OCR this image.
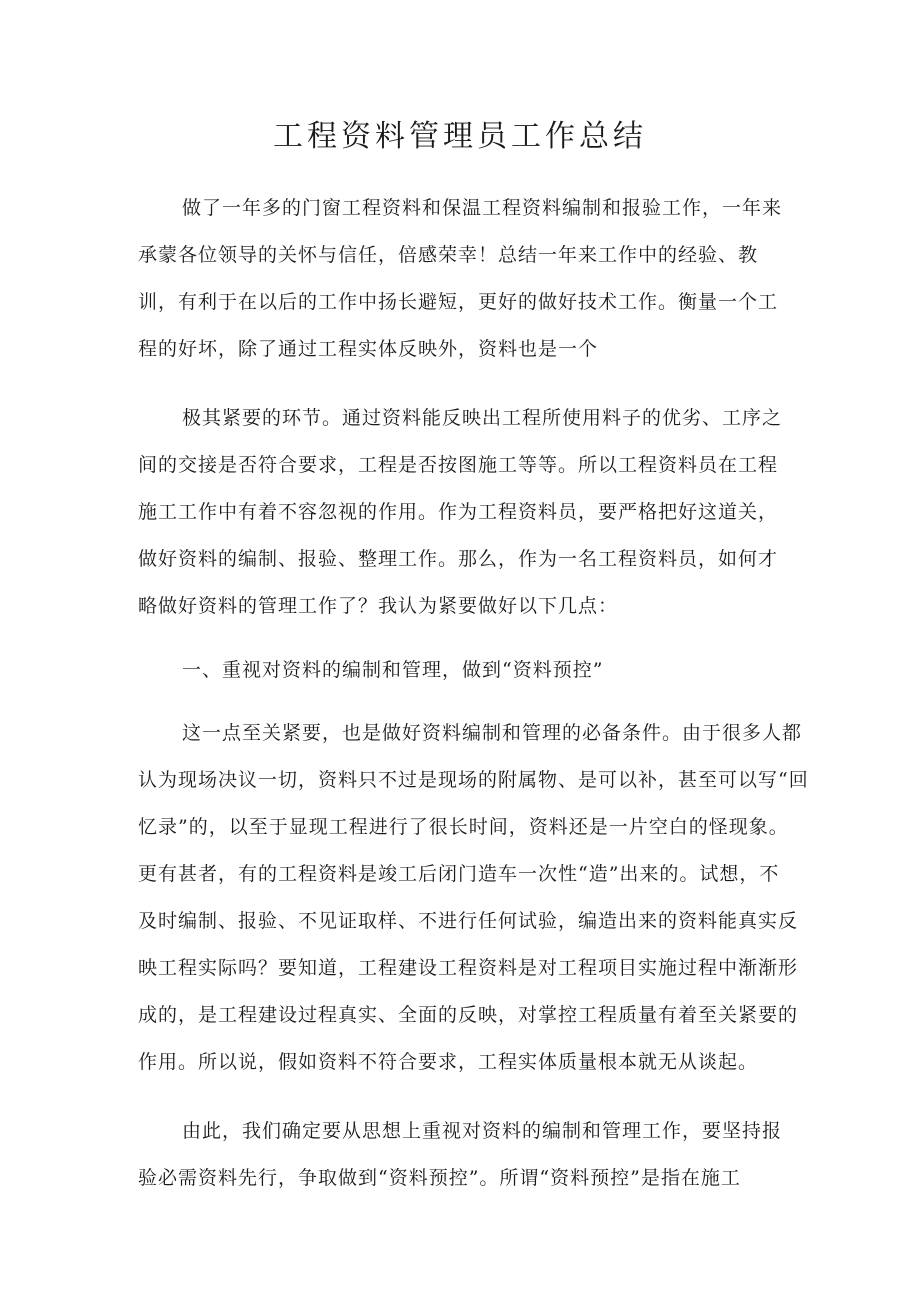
工程资料管理员工作总结

做了一年多的门窗工程资料和保温工程资料编制和报验工作，一年来

承蒙各位领导的关怀与信任，倍感荣幸！总结一年来工作中的经验、教

训，有利于在以后的工作中扬长避短，更好的做好技术工作。衡量一个工

程的好坏，除了通过工程实体反映外，资料也是一个

极其紧要的环节。通过资料能反映出工程所使用料子的优劣、工序之

间的交接是否符合要求，工程是否按图施工等等。所以工程资料员在工程

施工工作中有着不容忽视的作用。作为工程资料员，要严格把好这道关，

做好资料的编制、报验、整理工作。那么，作为一名工程资料员，如何才

略做好资料的管理工作了？我认为紧要做好以下几点：

一、重视对资料的编制和管理，做到“资料预控”

这一点至关紧要，也是做好资料编制和管理的必备条件。由于很多人都

认为现场决议一切，资料只不过是现场的附属物、是可以补，甚至可以写“回

忆录”的，以至于显现工程进行了很长时间，资料还是一片空白的怪现象。

更有甚者，有的工程资料是竣工后闭门造车一次性“造”出来的。试想，不

及时编制、报验、不见证取样、不进行任何试验，编造出来的资料能真实反

映工程实际吗？要知道，工程建设工程资料是对工程项目实施过程中渐渐形

成的，是工程建设过程真实、全面的反映，对掌控工程质量有着至关紧要的

作用。所以说，假如资料不符合要求，工程实体质量根本就无从谈起。

由此，我们确定要从思想上重视对资料的编制和管理工作，要坚持报

验必需资料先行，争取做到“资料预控”。所谓“资料预控”是指在施工
